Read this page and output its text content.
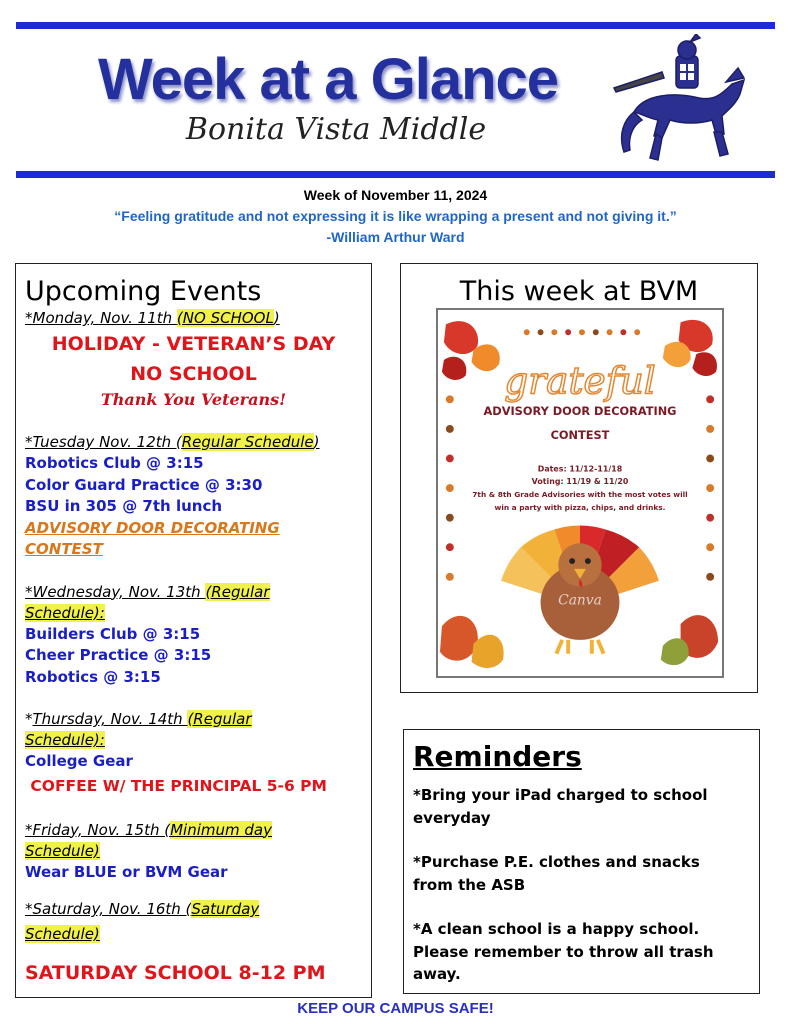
Week at a Glance
Bonita Vista Middle
Week of November 11, 2024
“Feeling gratitude and not expressing it is like wrapping a present and not giving it.”
-William Arthur Ward
Upcoming Events
*Monday, Nov. 11th (NO SCHOOL)
HOLIDAY - VETERAN’S DAY
NO SCHOOL
Thank You Veterans!
*Tuesday Nov. 12th (Regular Schedule)
Robotics Club @ 3:15
Color Guard Practice @ 3:30
BSU in 305 @ 7th lunch
ADVISORY DOOR DECORATING CONTEST
*Wednesday, Nov. 13th (Regular
Schedule):
Builders Club @ 3:15
Cheer Practice @ 3:15
Robotics @ 3:15
*Thursday, Nov. 14th (Regular
Schedule):
College Gear
COFFEE W/ THE PRINCIPAL 5-6 PM
*Friday, Nov. 15th (Minimum day
Schedule)
Wear BLUE or BVM Gear
*Saturday, Nov. 16th (Saturday
Schedule)
SATURDAY SCHOOL 8-12 PM
This week at BVM
grateful
ADVISORY DOOR DECORATING
CONTEST
Dates: 11/12-11/18
Voting: 11/19 & 11/20
7th & 8th Grade Advisories with the most votes will
win a party with pizza, chips, and drinks.
Canva
Reminders
*Bring your iPad charged to school
everyday
*Purchase P.E. clothes and snacks
from the ASB
*A clean school is a happy school.
Please remember to throw all trash
away.
KEEP OUR CAMPUS SAFE!
